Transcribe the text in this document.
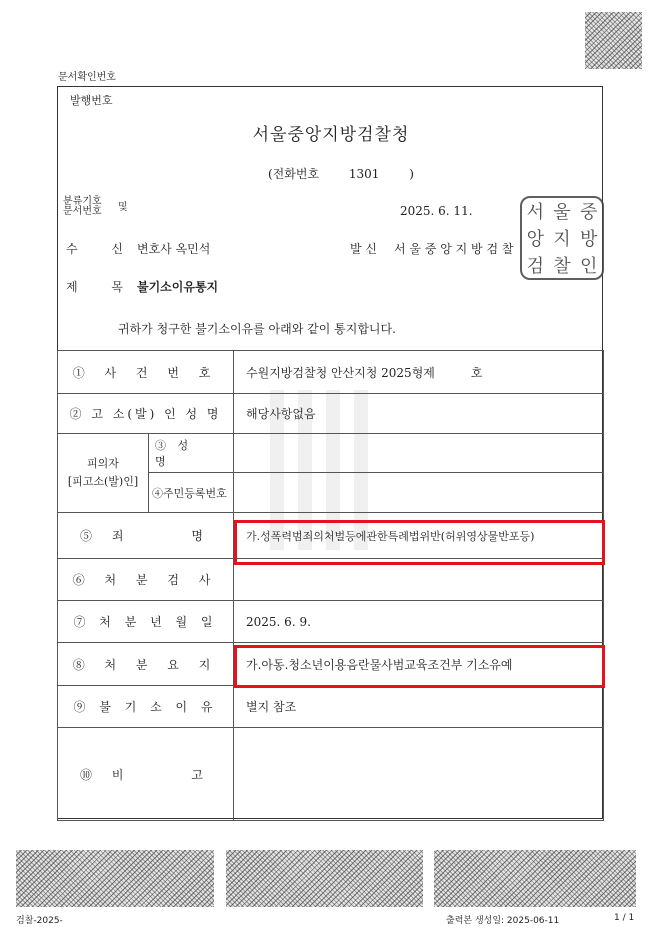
문서확인번호
발행번호
서울중앙지방검찰청
(전화번호 1301 )
분류기호
문서번호 및	2025. 6. 11.
수　 신 변호사 옥민석	발 신 서 울 중 앙 지 방 검 찰
서 울 중
앙 지 방
검 찰 인
제　 목 불기소이유통지
귀하가 청구한 불기소이유를 아래와 같이 통지합니다.
① 사 건 번 호		수원지방검찰청 안산지청 2025형제　　　호
② 고 소(발) 인 성 명		해당사항없음

피의자
[피고소(발)인]	③ 성　　명	
	④주민등록번호	
⑤ 죄　　　명		가.성폭력범죄의처벌등에관한특례법위반(허위영상물반포등)
⑥ 처 분 검 사		
⑦ 처 분 년 월 일		2025. 6. 9.
⑧ 처 분 요 지		가.아동.청소년이용음란물사범교육조건부 기소유예
⑨ 불 기 소 이 유		별지 참조
⑩ 비　　　고		
검찰-2025-	출력본 생성일: 2025-06-11	1 / 1
